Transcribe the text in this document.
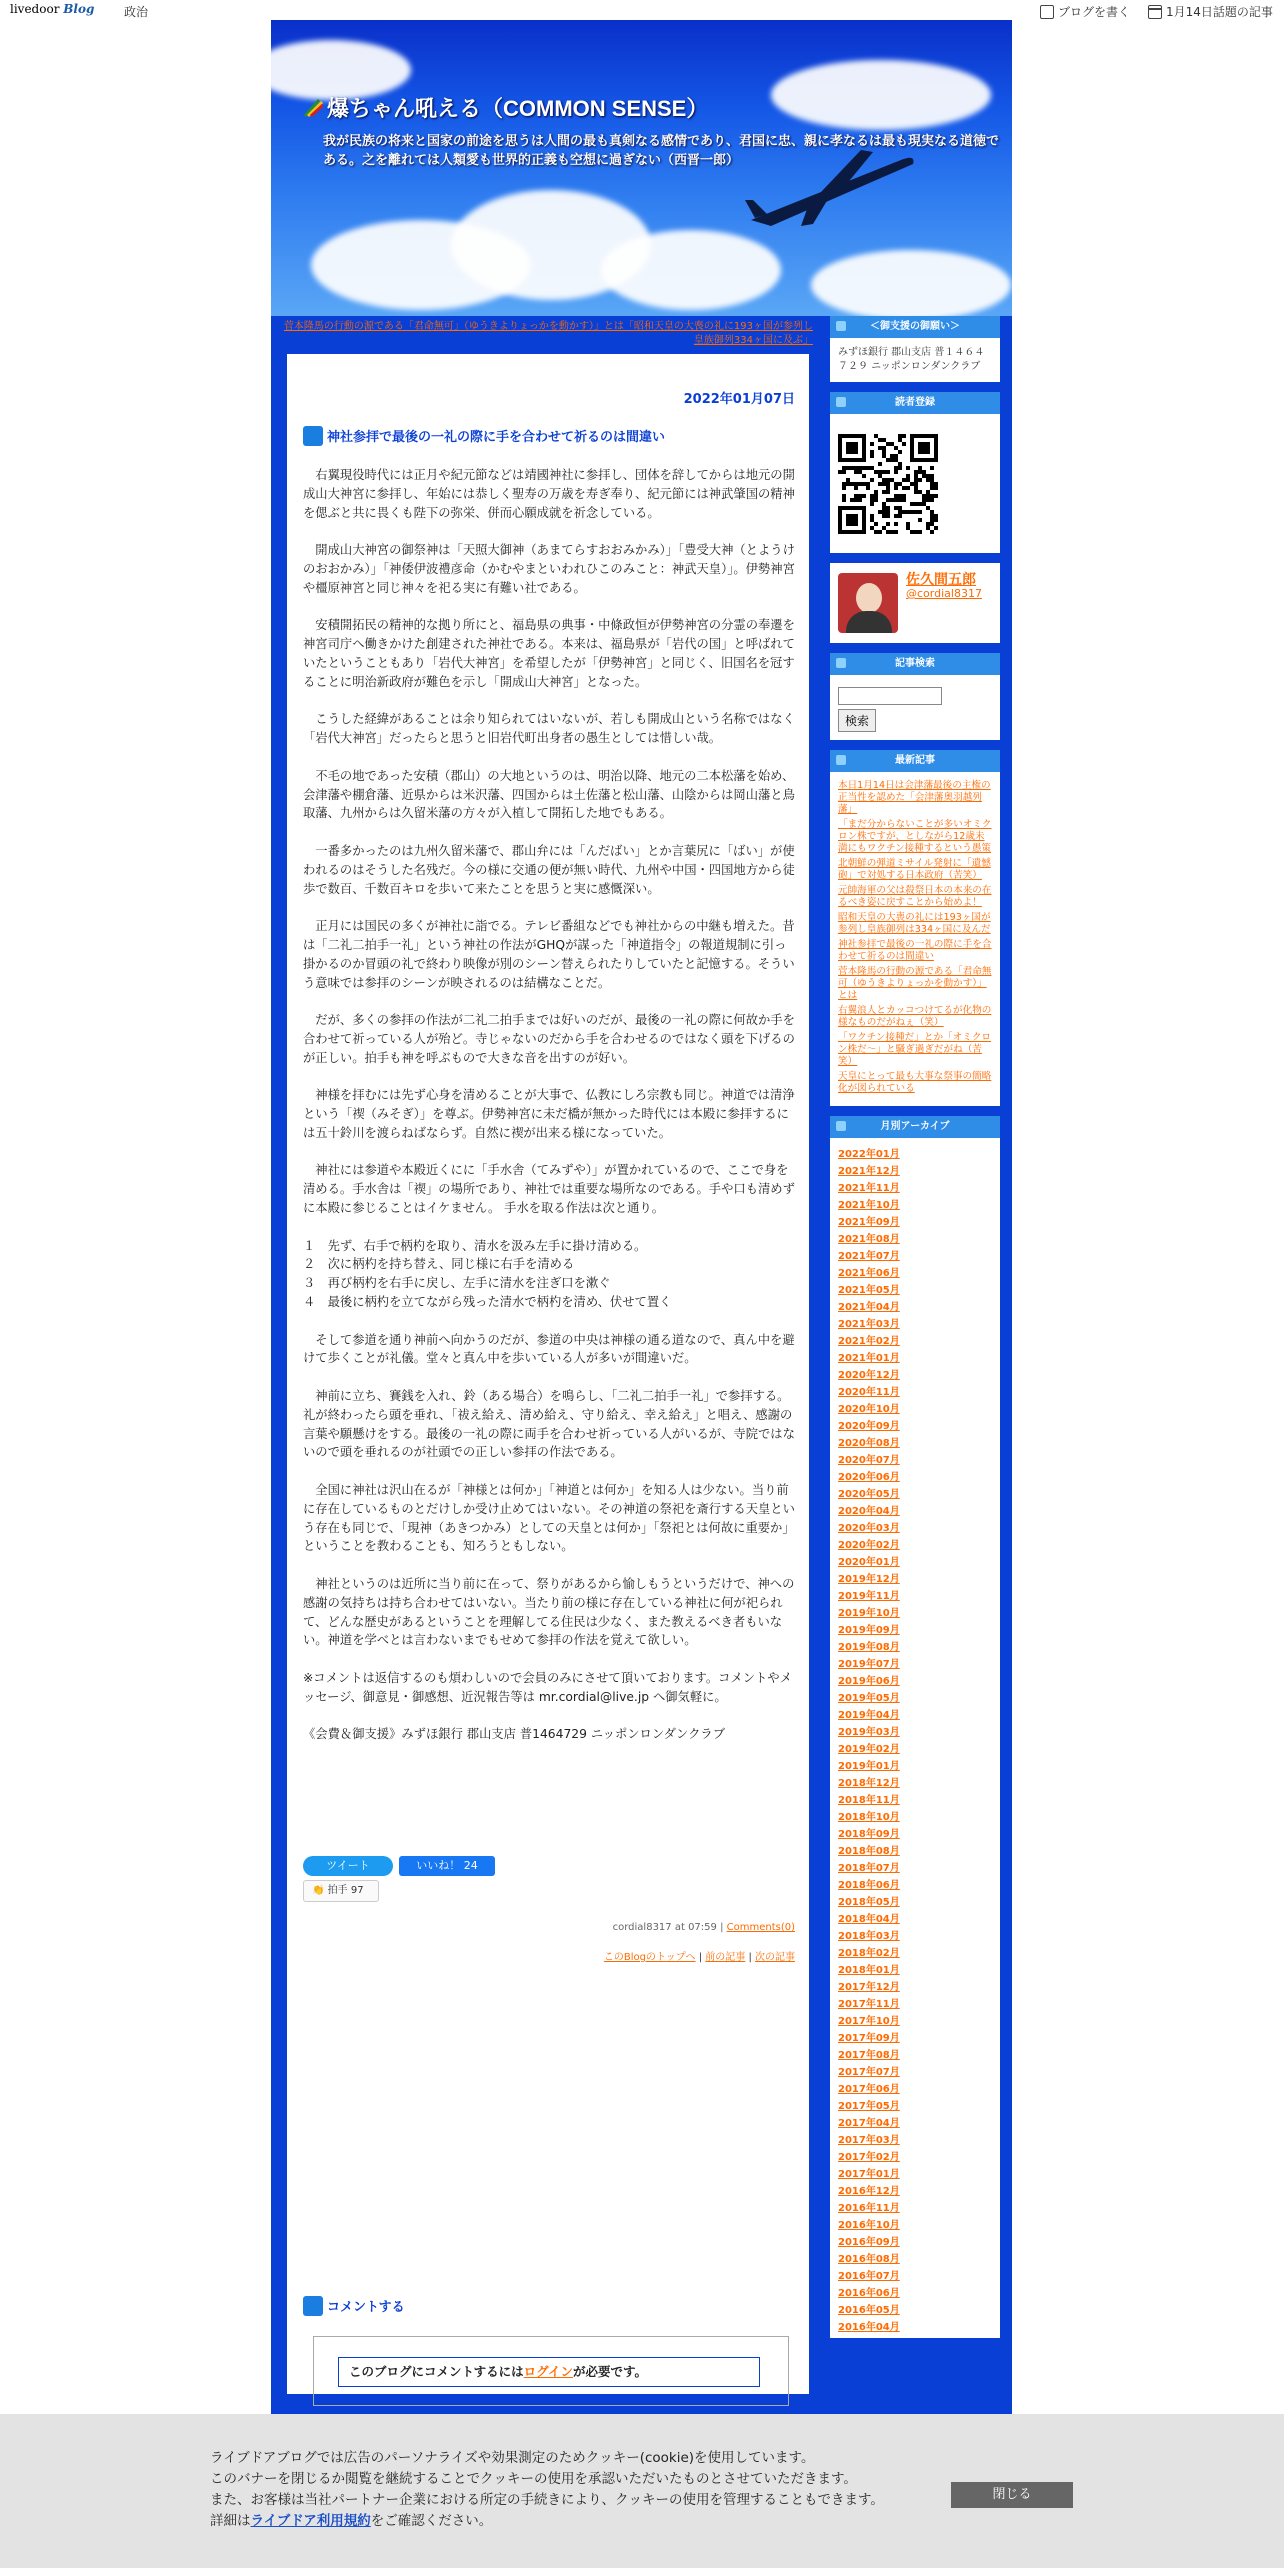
livedoor Blog 政治	ブログを書く	1月14日話題の記事
爆ちゃん吼える（COMMON SENSE）
我が民族の将来と国家の前途を思うは人間の最も真剣なる感情であり、君国に忠、親に孝なるは最も現実なる道徳である。之を離れては人類愛も世界的正義も空想に過ぎない（西晋一郎）
菅本隆馬の行動の源である「君命無可」（ゆうきよりょっかを動かす）」とは「昭和天皇の大喪の礼に193ヶ国が参列し皇族御列334ヶ国に及ぶ」
2022年01月07日
神社参拝で最後の一礼の際に手を合わせて祈るのは間違い

　右翼現役時代には正月や紀元節などは靖國神社に参拝し、団体を辞してからは地元の開成山大神宮に参拝し、年始には恭しく聖寿の万歳を寿ぎ奉り、紀元節には神武肇国の精神を偲ぶと共に畏くも陛下の弥栄、併而心願成就を祈念している。

　開成山大神宮の御祭神は「天照大御神（あまてらすおおみかみ）」「豊受大神（とようけのおおかみ）」「神倭伊波禮彦命（かむやまといわれひこのみこと：神武天皇）」。伊勢神宮や橿原神宮と同じ神々を祀る実に有難い社である。

　安積開拓民の精神的な拠り所にと、福島県の典事・中條政恒が伊勢神宮の分霊の奉遷を神宮司庁へ働きかけた創建された神社である。本来は、福島県が「岩代の国」と呼ばれていたということもあり「岩代大神宮」を希望したが「伊勢神宮」と同じく、旧国名を冠することに明治新政府が難色を示し「開成山大神宮」となった。

　こうした経緯があることは余り知られてはいないが、若しも開成山という名称ではなく「岩代大神宮」だったらと思うと旧岩代町出身者の愚生としては惜しい哉。

　不毛の地であった安積（郡山）の大地というのは、明治以降、地元の二本松藩を始め、会津藩や棚倉藩、近県からは米沢藩、四国からは土佐藩と松山藩、山陰からは岡山藩と鳥取藩、九州からは久留米藩の方々が入植して開拓した地でもある。

　一番多かったのは九州久留米藩で、郡山弁には「んだばい」とか言葉尻に「ばい」が使われるのはそうした名残だ。今の様に交通の便が無い時代、九州や中国・四国地方から徒歩で数百、千数百キロを歩いて来たことを思うと実に感慨深い。

　正月には国民の多くが神社に詣でる。テレビ番組などでも神社からの中継も増えた。昔は「二礼二拍手一礼」という神社の作法がGHQが謀った「神道指令」の報道規制に引っ掛かるのか冒頭の礼で終わり映像が別のシーン替えられたりしていたと記憶する。そういう意味では参拝のシーンが映されるのは結構なことだ。

　だが、多くの参拝の作法が二礼二拍手までは好いのだが、最後の一礼の際に何故か手を合わせて祈っている人が殆ど。寺じゃないのだから手を合わせるのではなく頭を下げるのが正しい。拍手も神を呼ぶもので大きな音を出すのが好い。

　神様を拝むには先ず心身を清めることが大事で、仏教にしろ宗教も同じ。神道では清浄という「禊（みそぎ）」を尊ぶ。伊勢神宮に未だ橋が無かった時代には本殿に参拝するには五十鈴川を渡らねばならず。自然に禊が出来る様になっていた。

　神社には参道や本殿近くにに「手水舎（てみずや）」が置かれているので、ここで身を清める。手水舎は「禊」の場所であり、神社では重要な場所なのである。手や口も清めずに本殿に参じることはイケません。 手水を取る作法は次と通り。

１　先ず、右手で柄杓を取り、清水を汲み左手に掛け清める。
２　次に柄杓を持ち替え、同じ様に右手を清める
３　再び柄杓を右手に戻し、左手に清水を注ぎ口を漱ぐ
４　最後に柄杓を立てながら残った清水で柄杓を清め、伏せて置く

　そして参道を通り神前へ向かうのだが、参道の中央は神様の通る道なので、真ん中を避けて歩くことが礼儀。堂々と真ん中を歩いている人が多いが間違いだ。

　神前に立ち、賽銭を入れ、鈴（ある場合）を鳴らし、「二礼二拍手一礼」で参拝する。礼が終わったら頭を垂れ、「祓え給え、清め給え、守り給え、幸え給え」と唱え、感謝の言葉や願懸けをする。最後の一礼の際に両手を合わせ祈っている人がいるが、寺院ではないので頭を垂れるのが社頭での正しい参拝の作法である。

　全国に神社は沢山在るが「神様とは何か」「神道とは何か」を知る人は少ない。当り前に存在しているものとだけしか受け止めてはいない。その神道の祭祀を斎行する天皇という存在も同じで、「現神（あきつかみ）としての天皇とは何か」「祭祀とは何故に重要か」ということを教わることも、知ろうともしない。

　神社というのは近所に当り前に在って、祭りがあるから愉しもうというだけで、神への感謝の気持ちは持ち合わせてはいない。当たり前の様に存在している神社に何が祀られて、どんな歴史があるということを理解してる住民は少なく、また教えるべき者もいない。神道を学べとは言わないまでもせめて参拝の作法を覚えて欲しい。

※コメントは返信するのも煩わしいので会員のみにさせて頂いております。コメントやメッセージ、御意見・御感想、近況報告等は mr.cordial@live.jp へ御気軽に。

《会費＆御支援》みずほ銀行 郡山支店 普1464729 ニッポンロンダンクラブ

ツイート	いいね！ 24
👏 拍手 97
cordial8317 at 07:59 | Comments(0)
このBlogのトップへ | 前の記事 | 次の記事
コメントする
このブログにコメントするにはログインが必要です。
＜御支援の御願い＞
みずほ銀行 郡山支店 普１４６４７２９ ニッポンロンダンクラブ
読者登録
佐久間五郎
@cordial8317
記事検索

検索
最新記事
本日1月14日は会津藩最後の主権の正当性を認めた「会津藩奥羽越列藩」
「まだ分からないことが多いオミクロン株ですが、としながら12歳未満にもワクチン接種するという愚策
北朝鮮の弾道ミサイル発射に「遺憾砲」で対処する日本政府（苦笑）
元帥海軍の父は殺祭日本の本来の在るべき姿に戻すことから始めよ！
昭和天皇の大喪の礼には193ヶ国が参列し皇族御列は334ヶ国に及んだ
神社参拝で最後の一礼の際に手を合わせて祈るのは間違い
菅本隆馬の行動の源である「君命無可（ゆうきよりょっかを動かす）」とは
右翼浪人とカッコつけてるが化物の様なものだがねぇ（笑）
「ワクチン接種だ」とか「オミクロン株だ～」と騒ぎ過ぎだがね（苦笑）
天皇にとって最も大事な祭事の簡略化が図られている
月別アーカイブ
2022年01月
2021年12月
2021年11月
2021年10月
2021年09月
2021年08月
2021年07月
2021年06月
2021年05月
2021年04月
2021年03月
2021年02月
2021年01月
2020年12月
2020年11月
2020年10月
2020年09月
2020年08月
2020年07月
2020年06月
2020年05月
2020年04月
2020年03月
2020年02月
2020年01月
2019年12月
2019年11月
2019年10月
2019年09月
2019年08月
2019年07月
2019年06月
2019年05月
2019年04月
2019年03月
2019年02月
2019年01月
2018年12月
2018年11月
2018年10月
2018年09月
2018年08月
2018年07月
2018年06月
2018年05月
2018年04月
2018年03月
2018年02月
2018年01月
2017年12月
2017年11月
2017年10月
2017年09月
2017年08月
2017年07月
2017年06月
2017年05月
2017年04月
2017年03月
2017年02月
2017年01月
2016年12月
2016年11月
2016年10月
2016年09月
2016年08月
2016年07月
2016年06月
2016年05月
2016年04月
ライブドアブログでは広告のパーソナライズや効果測定のためクッキー(cookie)を使用しています。
このバナーを閉じるか閲覧を継続することでクッキーの使用を承認いただいたものとさせていただきます。
また、お客様は当社パートナー企業における所定の手続きにより、クッキーの使用を管理することもできます。
詳細はライブドア利用規約をご確認ください。
閉じる
